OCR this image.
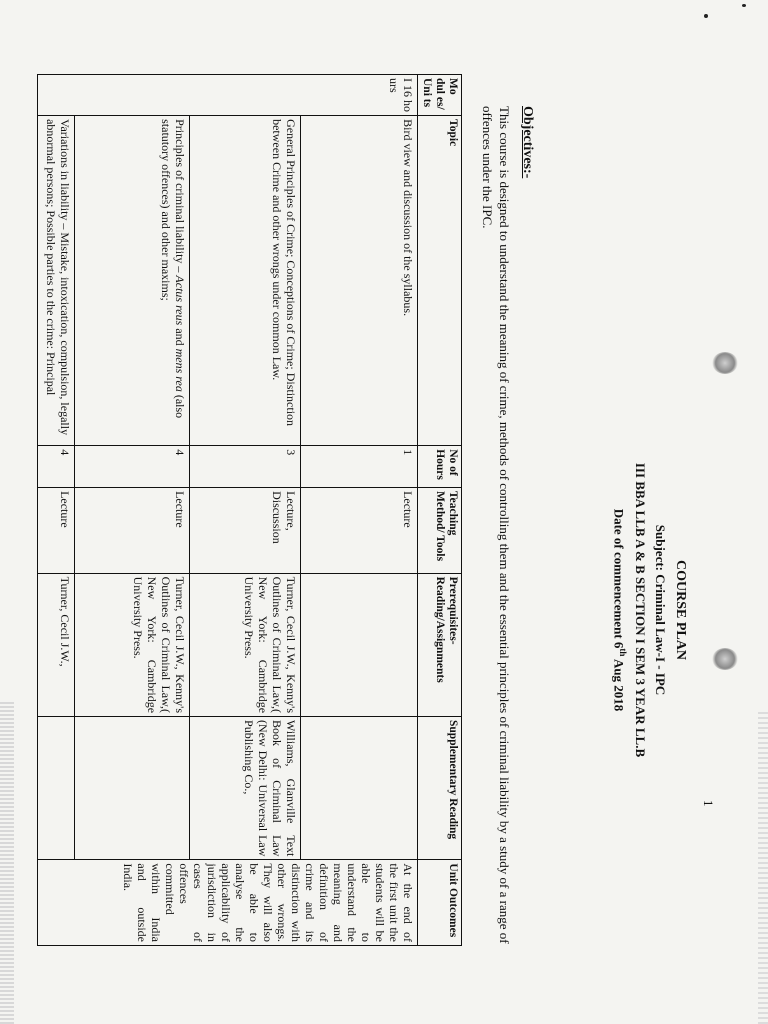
1
COURSE PLAN
Subject: Criminal Law-I - IPC
III BBA LLB A & B SECTION I SEM 3 YEAR LL.B
Date of commencement 6th Aug 2018
Objectives:-
This course is designed to understand the meaning of crime, methods of controlling them and the essential principles of criminal liability by a study of a range of offences under the IPC.
Mo dul es/ Uni ts	Topic	No of Hours	Teaching Method/ Tools	Prerequisites-Reading/Assignments	Supplementary Reading	Unit Outcomes
I 16 ho urs	Bird view and discussion of the syllabus.	1	Lecture			At the end of the first unit the students will be able to understand the meaning and definition of crime and its distinction with other wrongs. They will also be able to analyse the applicability of jurisdiction in cases of offences committed within India and outside India.
	General Principles of Crime; Conceptions of Crime; Distinction between Crime and other wrongs under common Law.	3	Lecture, Discussion	Turner, Cecil J.W., Kenny's Outlines of Criminal Law,( New York: Cambridge University Press.	Williams, Glanville Text Book of Criminal Law (New Delhi: Universal Law Publishing Co.,	
	Principles of criminal liability – Actus reus and mens rea (also statutory offences) and other maxims;	4	Lecture	Turner, Cecil J.W., Kenny's Outlines of Criminal Law,( New York: Cambridge University Press.		
	Variations in liability – Mistake, intoxication, compulsion, legally abnormal persons; Possible parties to the crime: Principal	4	Lecture	Turner, Cecil J.W.,		
